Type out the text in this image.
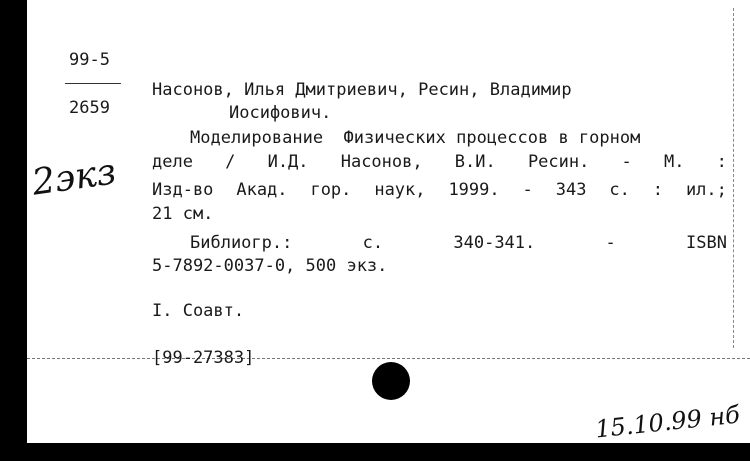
99-5
2659
2экз
Насонов, Илья Дмитриевич, Ресин, Владимир
Иосифович.
Моделирование  Физических процессов в горном
деле / И.Д. Насонов, В.И. Ресин. - М. :
Изд-во Акад. гор. наук, 1999. - 343 с. : ил.;
21 см.
Библиогр.:	с.	340-341.	-	ISBN
5-7892-0037-0, 500 экз.
I. Соавт.
[99-27383]
15.10.99 нб
